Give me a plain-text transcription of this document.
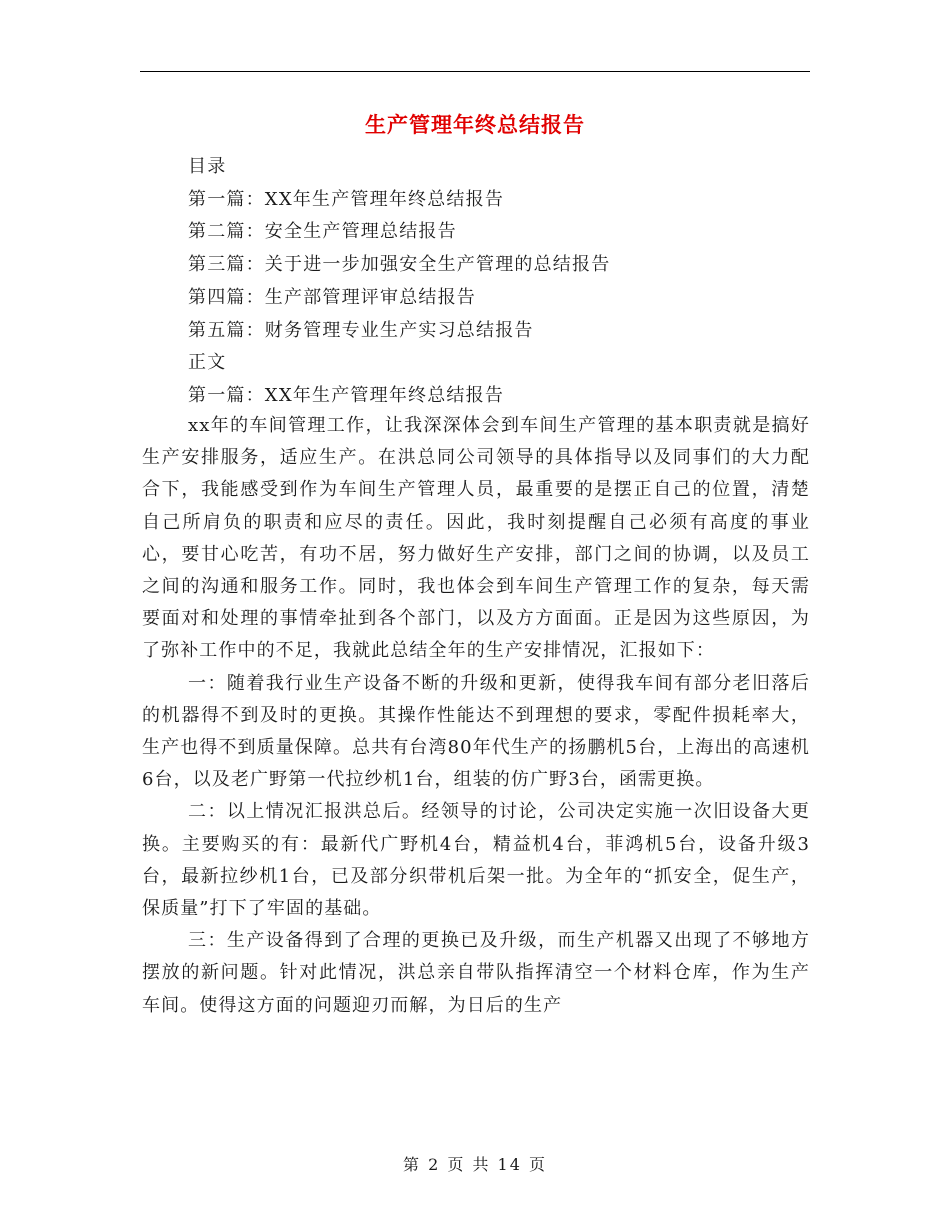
生产管理年终总结报告
目录
第一篇：XX年生产管理年终总结报告
第二篇：安全生产管理总结报告
第三篇：关于进一步加强安全生产管理的总结报告
第四篇：生产部管理评审总结报告
第五篇：财务管理专业生产实习总结报告
正文
第一篇：XX年生产管理年终总结报告

xx年的车间管理工作，让我深深体会到车间生产管理的基本职责就是搞好生产安排服务，适应生产。在洪总同公司领导的具体指导以及同事们的大力配合下，我能感受到作为车间生产管理人员，最重要的是摆正自己的位置，清楚自己所肩负的职责和应尽的责任。因此，我时刻提醒自己必须有高度的事业心，要甘心吃苦，有功不居，努力做好生产安排，部门之间的协调，以及员工之间的沟通和服务工作。同时，我也体会到车间生产管理工作的复杂，每天需要面对和处理的事情牵扯到各个部门，以及方方面面。正是因为这些原因，为了弥补工作中的不足，我就此总结全年的生产安排情况，汇报如下：

一：随着我行业生产设备不断的升级和更新，使得我车间有部分老旧落后的机器得不到及时的更换。其操作性能达不到理想的要求，零配件损耗率大，生产也得不到质量保障。总共有台湾80年代生产的扬鹏机5台，上海出的高速机6台，以及老广野第一代拉纱机1台，组装的仿广野3台，函需更换。

二：以上情况汇报洪总后。经领导的讨论，公司决定实施一次旧设备大更换。主要购买的有：最新代广野机4台，精益机4台，菲鸿机5台，设备升级3台，最新拉纱机1台，已及部分织带机后架一批。为全年的“抓安全，促生产，保质量”打下了牢固的基础。

三：生产设备得到了合理的更换已及升级，而生产机器又出现了不够地方摆放的新问题。针对此情况，洪总亲自带队指挥清空一个材料仓库，作为生产车间。使得这方面的问题迎刃而解，为日后的生产

第 2 页 共 14 页
